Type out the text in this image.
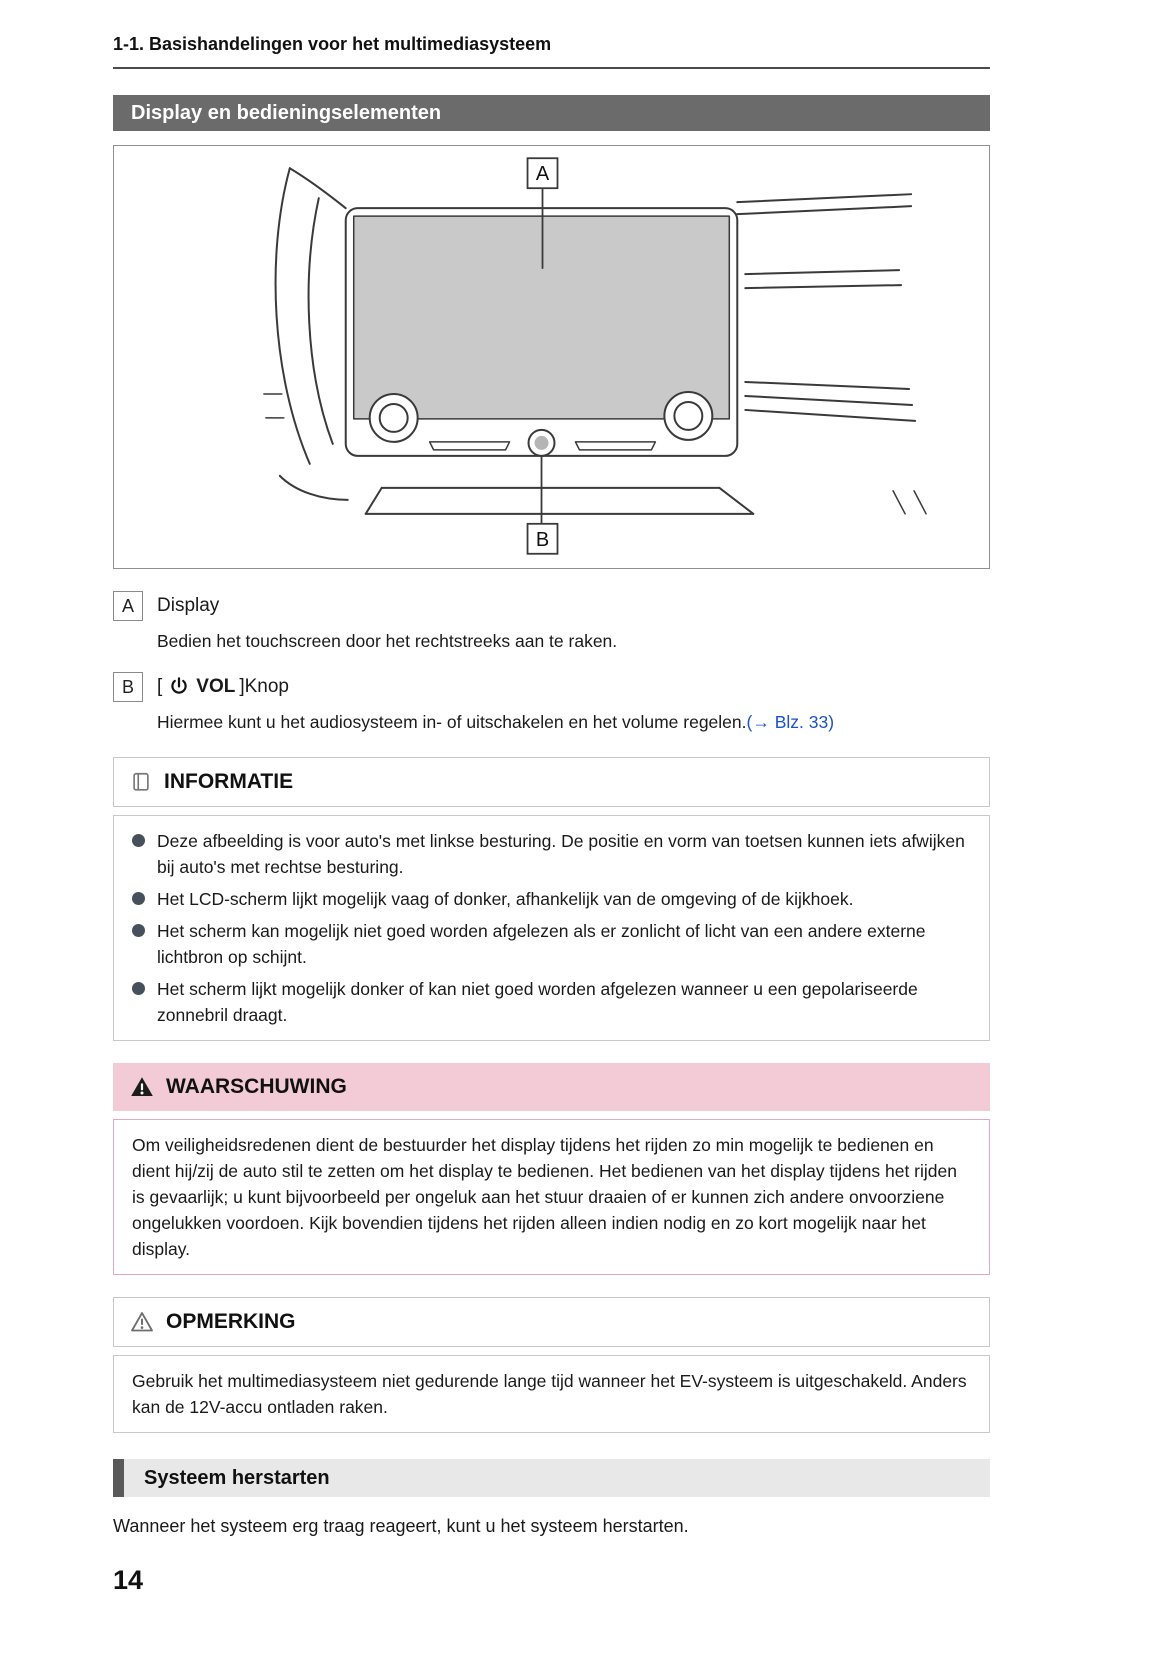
1-1. Basishandelingen voor het multimediasysteem
Display en bedieningselementen
A
B
A	Display

Bedien het touchscreen door het rechtstreeks aan te raken.

B	[ VOL ]Knop

Hiermee kunt u het audiosysteem in- of uitschakelen en het volume regelen.(→ Blz. 33)

INFORMATIE
Deze afbeelding is voor auto's met linkse besturing. De positie en vorm van toetsen kunnen iets afwijken bij auto's met rechtse besturing.
Het LCD-scherm lijkt mogelijk vaag of donker, afhankelijk van de omgeving of de kijkhoek.
Het scherm kan mogelijk niet goed worden afgelezen als er zonlicht of licht van een andere externe lichtbron op schijnt.
Het scherm lijkt mogelijk donker of kan niet goed worden afgelezen wanneer u een gepolariseerde zonnebril draagt.
WAARSCHUWING
Om veiligheidsredenen dient de bestuurder het display tijdens het rijden zo min mogelijk te bedienen en dient hij/zij de auto stil te zetten om het display te bedienen. Het bedienen van het display tijdens het rijden is gevaarlijk; u kunt bijvoorbeeld per ongeluk aan het stuur draaien of er kunnen zich andere onvoorziene ongelukken voordoen. Kijk bovendien tijdens het rijden alleen indien nodig en zo kort mogelijk naar het display.
OPMERKING
Gebruik het multimediasysteem niet gedurende lange tijd wanneer het EV-systeem is uitgeschakeld. Anders kan de 12V-accu ontladen raken.
Systeem herstarten

Wanneer het systeem erg traag reageert, kunt u het systeem herstarten.

14
